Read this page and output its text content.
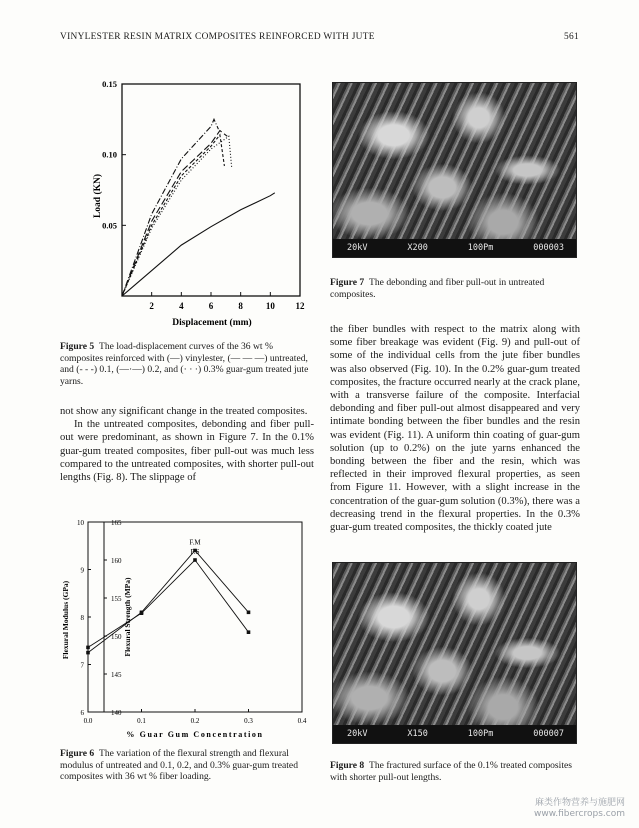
VINYLESTER RESIN MATRIX COMPOSITES REINFORCED WITH JUTE	561
2	4	6	8	10 12
0.05
0.10
0.15
Load (KN)
Displacement (mm)
Figure 5 The load-displacement curves of the 36 wt % composites reinforced with (—) vinylester, (— — —) untreated, and (- - -) 0.1, (—·—) 0.2, and (· · ·) 0.3% guar-gum treated jute yarns.

not show any significant change in the treated composites.

In the untreated composites, debonding and fiber pull-out were predominant, as shown in Figure 7. In the 0.1% guar-gum treated composites, fiber pull-out was much less compared to the untreated composites, with shorter pull-out lengths (Fig. 8). The slippage of

0.0	0.1	0.2	0.3	0.4
6
7
8
9
10
140
145
150
155
160
165
F.M
F.S
Flexural Modulus (GPa)	Flexural Strength (MPa)
% Guar Gum Concentration
Figure 6 The variation of the flexural strength and flexural modulus of untreated and 0.1, 0.2, and 0.3% guar-gum treated composites with 36 wt % fiber loading.
20kV	X200	100Pm	000003
Figure 7 The debonding and fiber pull-out in untreated composites.

the fiber bundles with respect to the matrix along with some fiber breakage was evident (Fig. 9) and pull-out of some of the individual cells from the jute fiber bundles was also observed (Fig. 10). In the 0.2% guar-gum treated composites, the fracture occurred nearly at the crack plane, with a transverse failure of the composite. Interfacial debonding and fiber pull-out almost disappeared and very intimate bonding between the fiber bundles and the resin was evident (Fig. 11). A uniform thin coating of guar-gum solution (up to 0.2%) on the jute yarns enhanced the bonding between the fiber and the resin, which was reflected in their improved flexural properties, as seen from Figure 11. However, with a slight increase in the concentration of the guar-gum solution (0.3%), there was a decreasing trend in the flexural properties. In the 0.3% guar-gum treated composites, the thickly coated jute

20kV	X150	100Pm	000007
Figure 8 The fractured surface of the 0.1% treated composites with shorter pull-out lengths.
麻类作物营养与施肥网
www.fibercrops.com
